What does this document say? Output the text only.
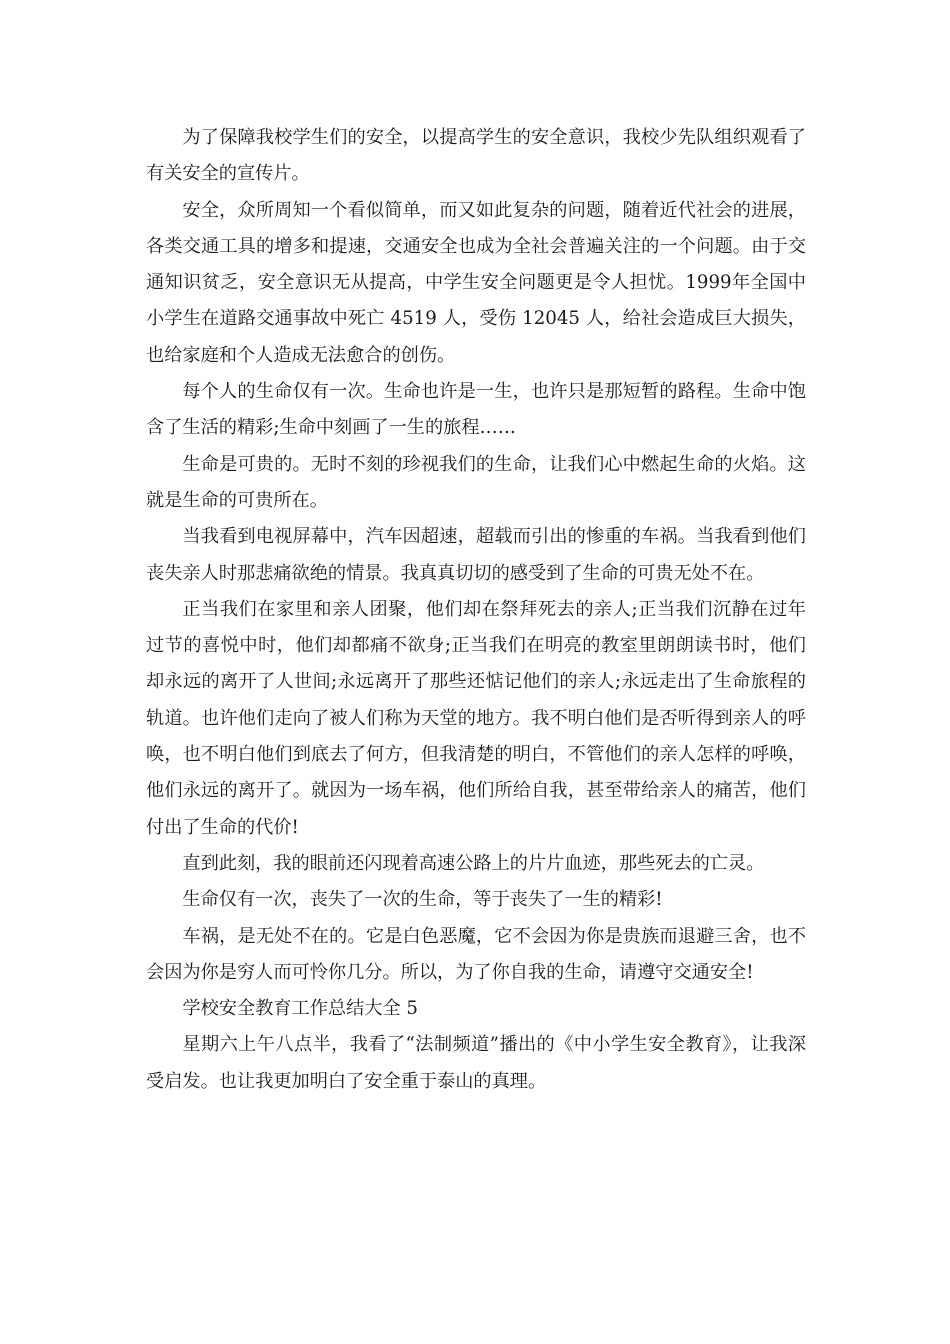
为了保障我校学生们的安全，以提高学生的安全意识，我校少先队组织观看了有关安全的宣传片。

安全，众所周知一个看似简单，而又如此复杂的问题，随着近代社会的进展，各类交通工具的增多和提速，交通安全也成为全社会普遍关注的一个问题。由于交通知识贫乏，安全意识无从提高，中学生安全问题更是令人担忧。1999年全国中小学生在道路交通事故中死亡 4519 人，受伤 12045 人，给社会造成巨大损失，也给家庭和个人造成无法愈合的创伤。

每个人的生命仅有一次。生命也许是一生，也许只是那短暂的路程。生命中饱含了生活的精彩;生命中刻画了一生的旅程……

生命是可贵的。无时不刻的珍视我们的生命，让我们心中燃起生命的火焰。这就是生命的可贵所在。

当我看到电视屏幕中，汽车因超速，超载而引出的惨重的车祸。当我看到他们丧失亲人时那悲痛欲绝的情景。我真真切切的感受到了生命的可贵无处不在。

正当我们在家里和亲人团聚，他们却在祭拜死去的亲人;正当我们沉静在过年过节的喜悦中时，他们却都痛不欲身;正当我们在明亮的教室里朗朗读书时，他们却永远的离开了人世间;永远离开了那些还惦记他们的亲人;永远走出了生命旅程的轨道。也许他们走向了被人们称为天堂的地方。我不明白他们是否听得到亲人的呼唤，也不明白他们到底去了何方，但我清楚的明白，不管他们的亲人怎样的呼唤，他们永远的离开了。就因为一场车祸，他们所给自我，甚至带给亲人的痛苦，他们付出了生命的代价!

直到此刻，我的眼前还闪现着高速公路上的片片血迹，那些死去的亡灵。

生命仅有一次，丧失了一次的生命，等于丧失了一生的精彩!

车祸，是无处不在的。它是白色恶魔，它不会因为你是贵族而退避三舍，也不会因为你是穷人而可怜你几分。所以，为了你自我的生命，请遵守交通安全!

学校安全教育工作总结大全 5

星期六上午八点半，我看了“法制频道”播出的《中小学生安全教育》，让我深受启发。也让我更加明白了安全重于泰山的真理。
